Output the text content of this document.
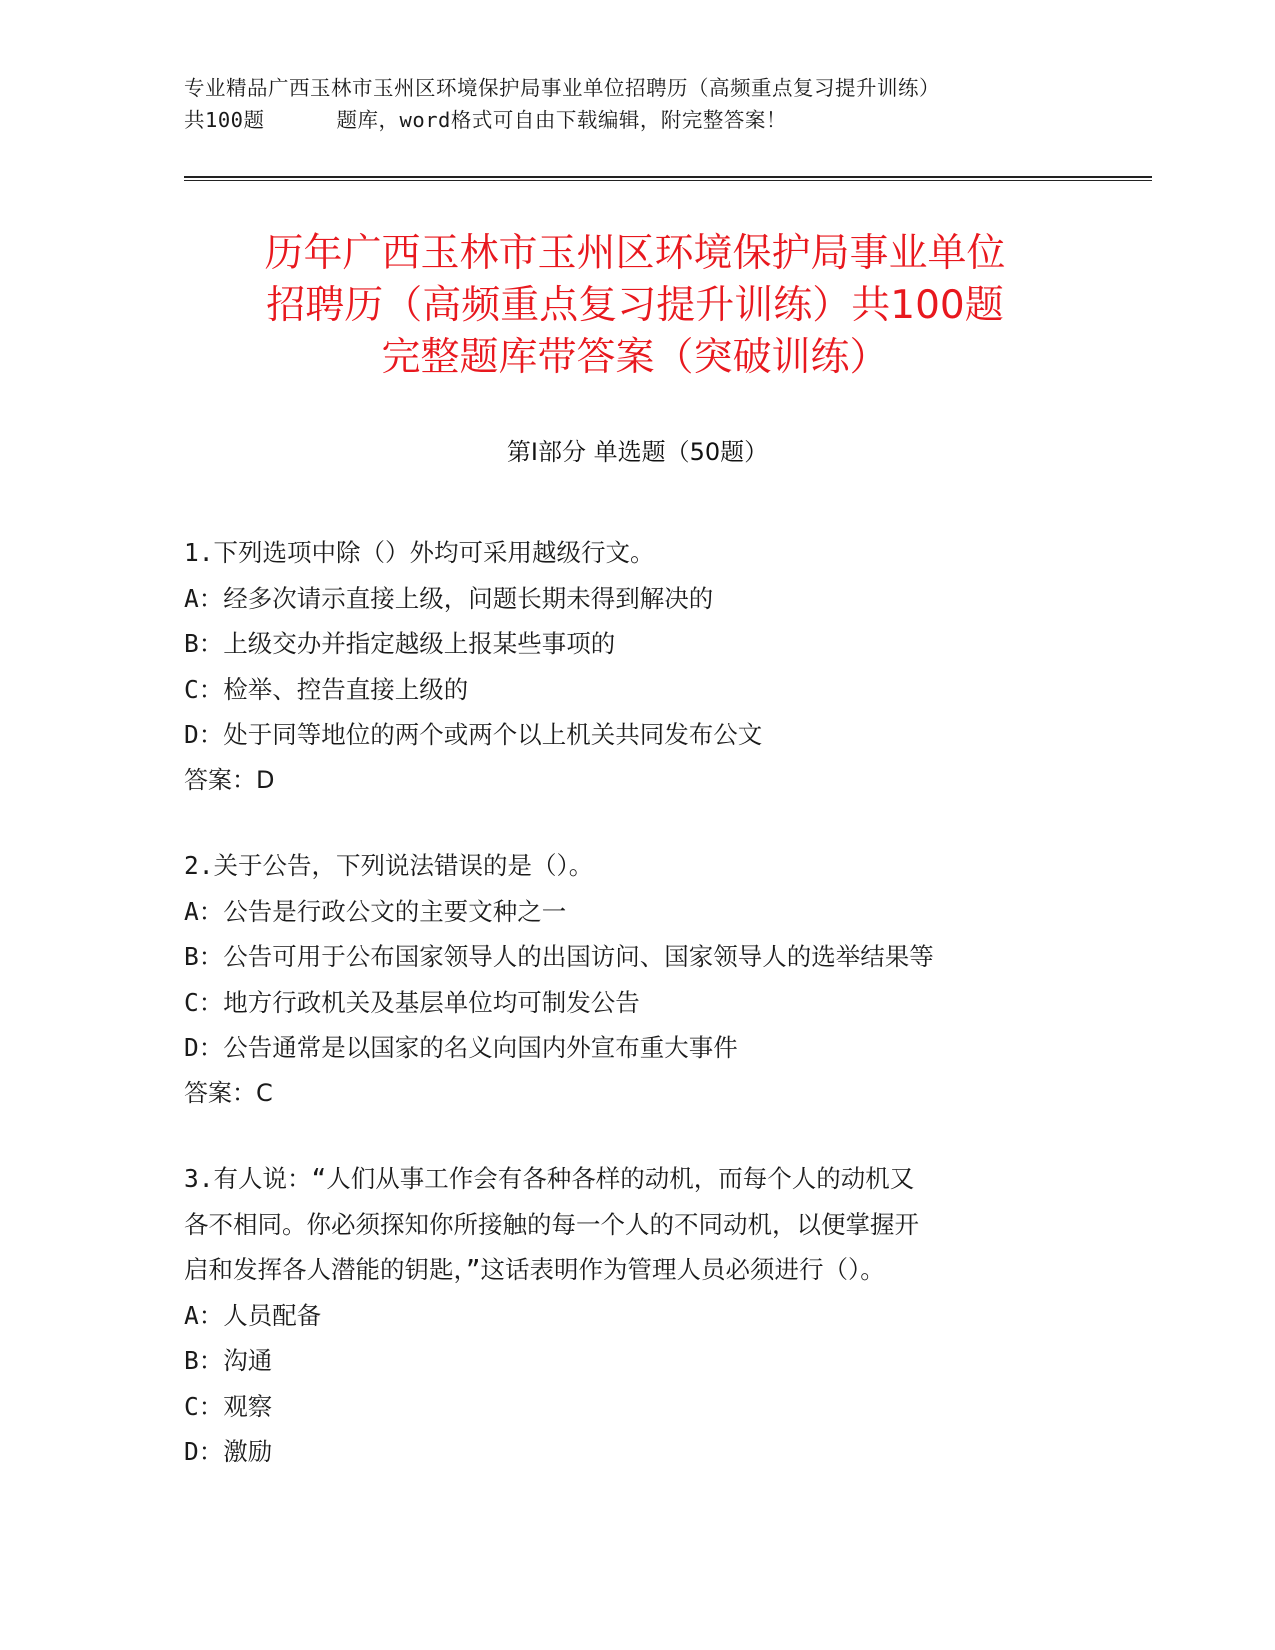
专业精品广西玉林市玉州区环境保护局事业单位招聘历（高频重点复习提升训练）
共100题	题库，word格式可自由下载编辑，附完整答案！
历年广西玉林市玉州区环境保护局事业单位
招聘历（高频重点复习提升训练）共100题
完整题库带答案（突破训练）
第Ⅰ部分 单选题（50题）
1.下列选项中除（）外均可采用越级行文。
A：经多次请示直接上级，问题长期未得到解决的
B：上级交办并指定越级上报某些事项的
C：检举、控告直接上级的
D：处于同等地位的两个或两个以上机关共同发布公文
答案：D
2.关于公告，下列说法错误的是（）。
A：公告是行政公文的主要文种之一
B：公告可用于公布国家领导人的出国访问、国家领导人的选举结果等
C：地方行政机关及基层单位均可制发公告
D：公告通常是以国家的名义向国内外宣布重大事件
答案：C
3.有人说：“人们从事工作会有各种各样的动机，而每个人的动机又
各不相同。你必须探知你所接触的每一个人的不同动机，以便掌握开
启和发挥各人潜能的钥匙，”这话表明作为管理人员必须进行（）。
A：人员配备
B：沟通
C：观察
D：激励
